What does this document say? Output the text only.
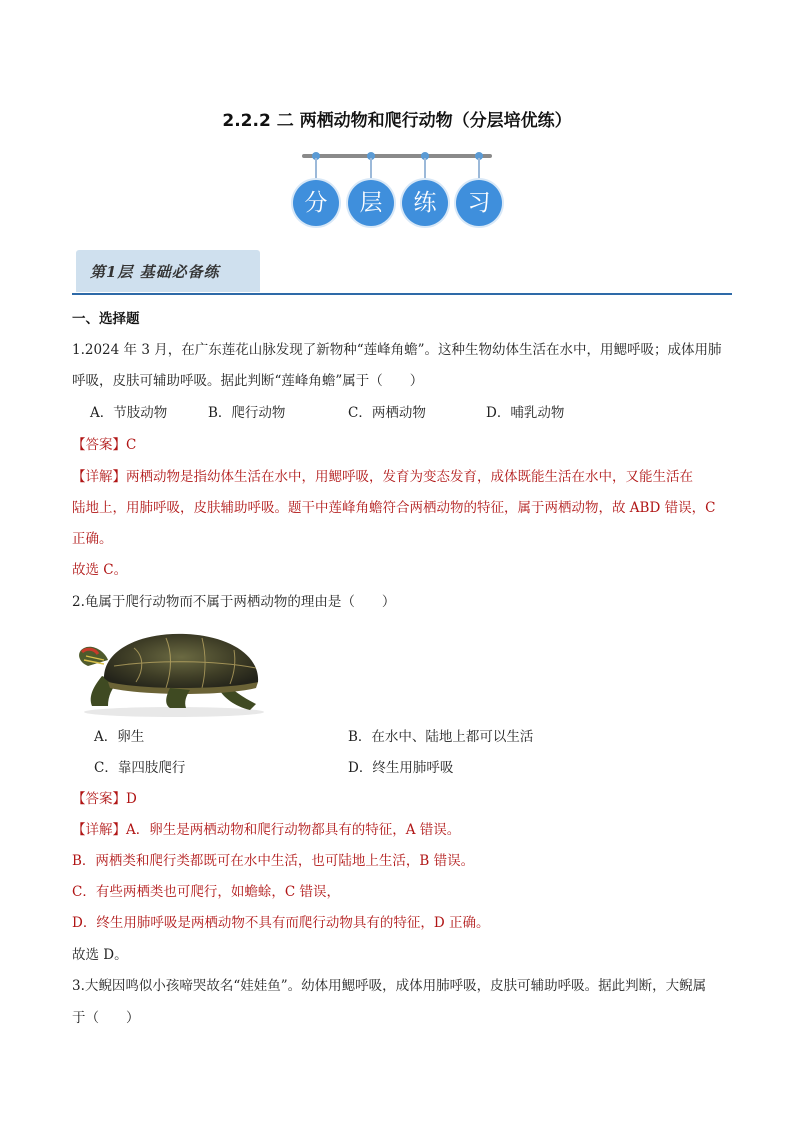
2.2.2 二 两栖动物和爬行动物（分层培优练）
分	层	练	习
第1层 基础必备练
一、选择题
1.2024 年 3 月，在广东莲花山脉发现了新物种“莲峰角蟾”。这种生物幼体生活在水中，用鳃呼吸；成体用肺
呼吸，皮肤可辅助呼吸。据此判断“莲峰角蟾”属于（　　）
A．节肢动物	B．爬行动物	C．两栖动物	D．哺乳动物
【答案】C
【详解】两栖动物是指幼体生活在水中，用鳃呼吸，发育为变态发育，成体既能生活在水中，又能生活在
陆地上，用肺呼吸，皮肤辅助呼吸。题干中莲峰角蟾符合两栖动物的特征，属于两栖动物，故 ABD 错误，C
正确。
故选 C。
2.龟属于爬行动物而不属于两栖动物的理由是（　　）
A．卵生	B．在水中、陆地上都可以生活
C．靠四肢爬行	D．终生用肺呼吸
【答案】D
【详解】A．卵生是两栖动物和爬行动物都具有的特征，A 错误。
B．两栖类和爬行类都既可在水中生活，也可陆地上生活，B 错误。
C．有些两栖类也可爬行，如蟾蜍，C 错误，
D．终生用肺呼吸是两栖动物不具有而爬行动物具有的特征，D 正确。
故选 D。
3.大鲵因鸣似小孩啼哭故名“娃娃鱼”。幼体用鳃呼吸，成体用肺呼吸，皮肤可辅助呼吸。据此判断，大鲵属
于（　　）
